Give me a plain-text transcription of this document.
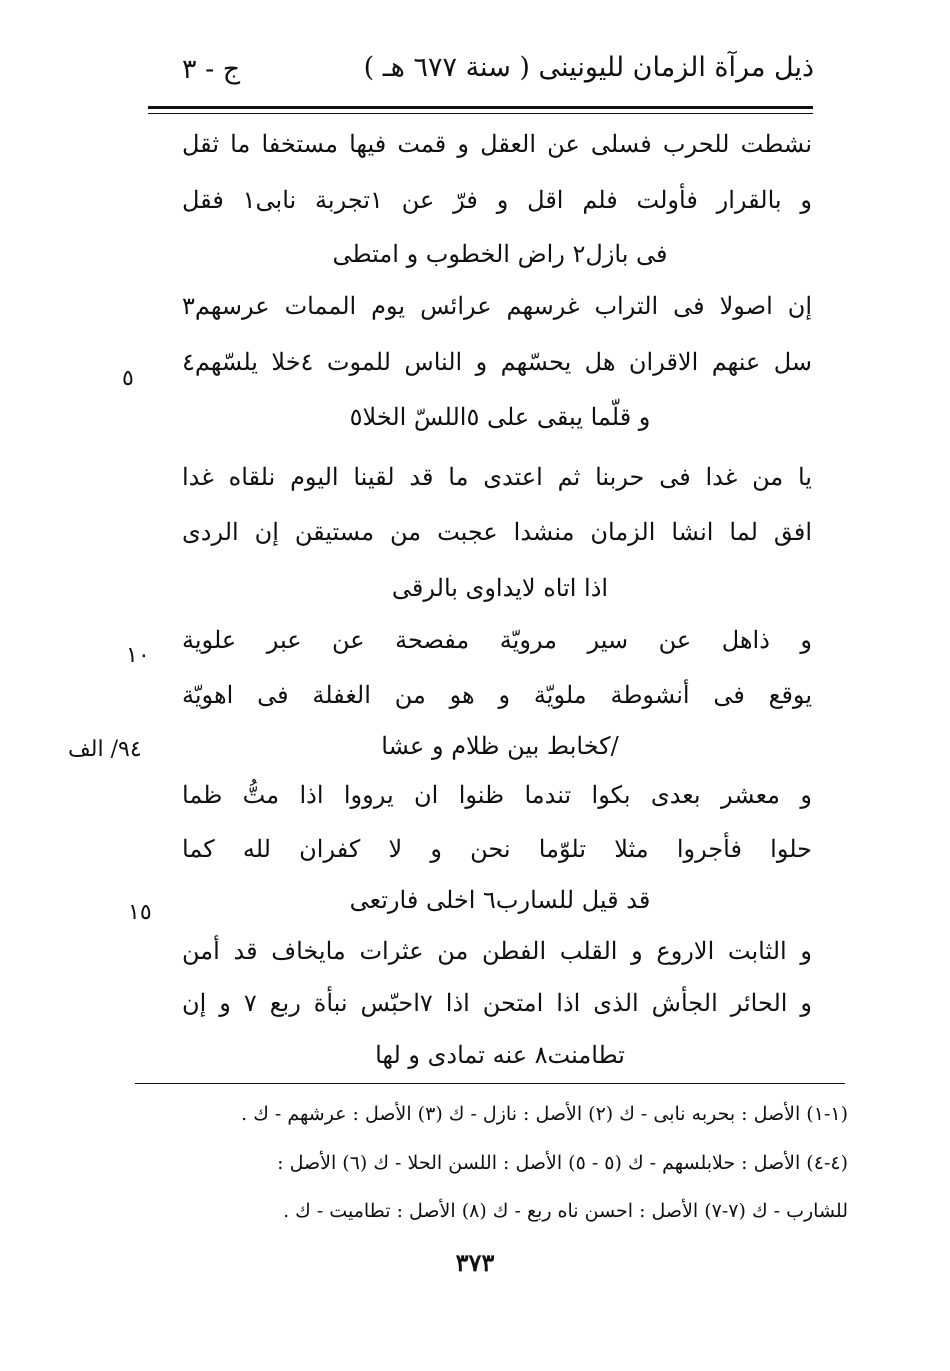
ذيل مرآة الزمان لليونينى ( سنة ٦٧٧ هـ )
ج - ٣
نشطت للحرب فسلى عن العقل و قمت فيها مستخفا ما ثقل
و بالقرار فأولت فلم اقل و فرّ عن ١تجربة نابى١ فقل
فى بازل٢ راض الخطوب و امتطى
إن اصولا فى التراب غرسهم عرائس يوم الممات عرسهم٣
سل عنهم الاقران هل يحسّهم و الناس للموت ٤خلا يلسّهم٤
و قلّما يبقى على ٥اللسّ الخلا٥
يا من غدا فى حربنا ثم اعتدى ما قد لقينا اليوم نلقاه غدا
افق لما انشا الزمان منشدا عجبت من مستيقن إن الردى
اذا اتاه لايداوى بالرقى
و ذاهل عن سير مرويّة مفصحة عن عبر علوية
يوقع فى أنشوطة ملويّة و هو من الغفلة فى اهويّة
/كخابط بين ظلام و عشا
و معشر بعدى بكوا تندما ظنوا ان يرووا اذا متُّ ظما
حلوا فأجروا مثلا تلوّما نحن و لا كفران لله كما
قد قيل للسارب٦ اخلى فارتعى
و الثابت الاروع و القلب الفطن من عثرات مايخاف قد أمن
و الحائر الجأش الذى اذا امتحن اذا ٧احبّس نبأة ربع ٧ و إن
تطامنت٨ عنه تمادى و لها
٥
١٠
٩٤/ الف
١٥
(١-١) الأصل : بحربه نابى - ك (٢) الأصل : نازل - ك (٣) الأصل : عرشهم - ك .
(٤-٤) الأصل : حلابلسهم - ك (٥ - ٥) الأصل : اللسن الحلا - ك (٦) الأصل :
للشارب - ك (٧-٧) الأصل : احسن ناه ربع - ك (٨) الأصل : تطاميت - ك .
٣٧٣
